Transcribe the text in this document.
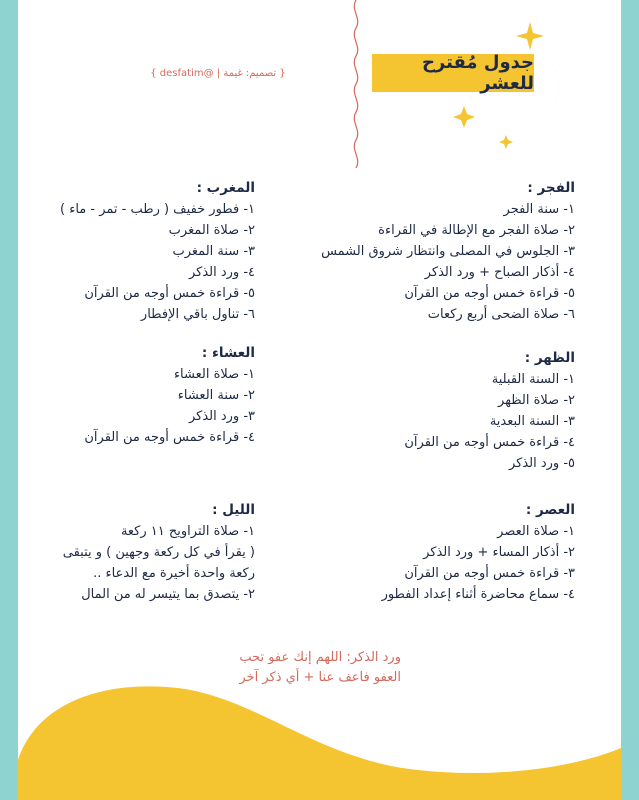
جدول مُقترح للعشر
{ تصميم: غيمة | @desfatim }
الفجر :
١- سنة الفجر
٢- صلاة الفجر مع الإطالة في القراءة
٣- الجلوس في المصلى وانتظار شروق الشمس
٤- أذكار الصباح + ورد الذكر
٥- قراءة خمس أوجه من القرآن
٦- صلاة الضحى أربع ركعات
المغرب :
١- فطور خفيف ( رطب - تمر - ماء )
٢- صلاة المغرب
٣- سنة المغرب
٤- ورد الذكر
٥- قراءة خمس أوجه من القرآن
٦- تناول باقي الإفطار
الظهر :
١- السنة القبلية
٢- صلاة الظهر
٣- السنة البعدية
٤- قراءة خمس أوجه من القرآن
٥- ورد الذكر
العشاء :
١- صلاة العشاء
٢- سنة العشاء
٣- ورد الذكر
٤- قراءة خمس أوجه من القرآن
العصر :
١- صلاة العصر
٢- أذكار المساء + ورد الذكر
٣- قراءة خمس أوجه من القرآن
٤- سماع محاضرة أثناء إعداد الفطور
الليل :
١- صلاة التراويح ١١ ركعة
( يقرأ في كل ركعة وجهين ) و يتبقى
ركعة واحدة أخيرة مع الدعاء ..
٢- يتصدق بما يتيسر له من المال
ورد الذكر: اللهم إنك عفو تحب
العفو فاعف عنا + أي ذكر آخر
